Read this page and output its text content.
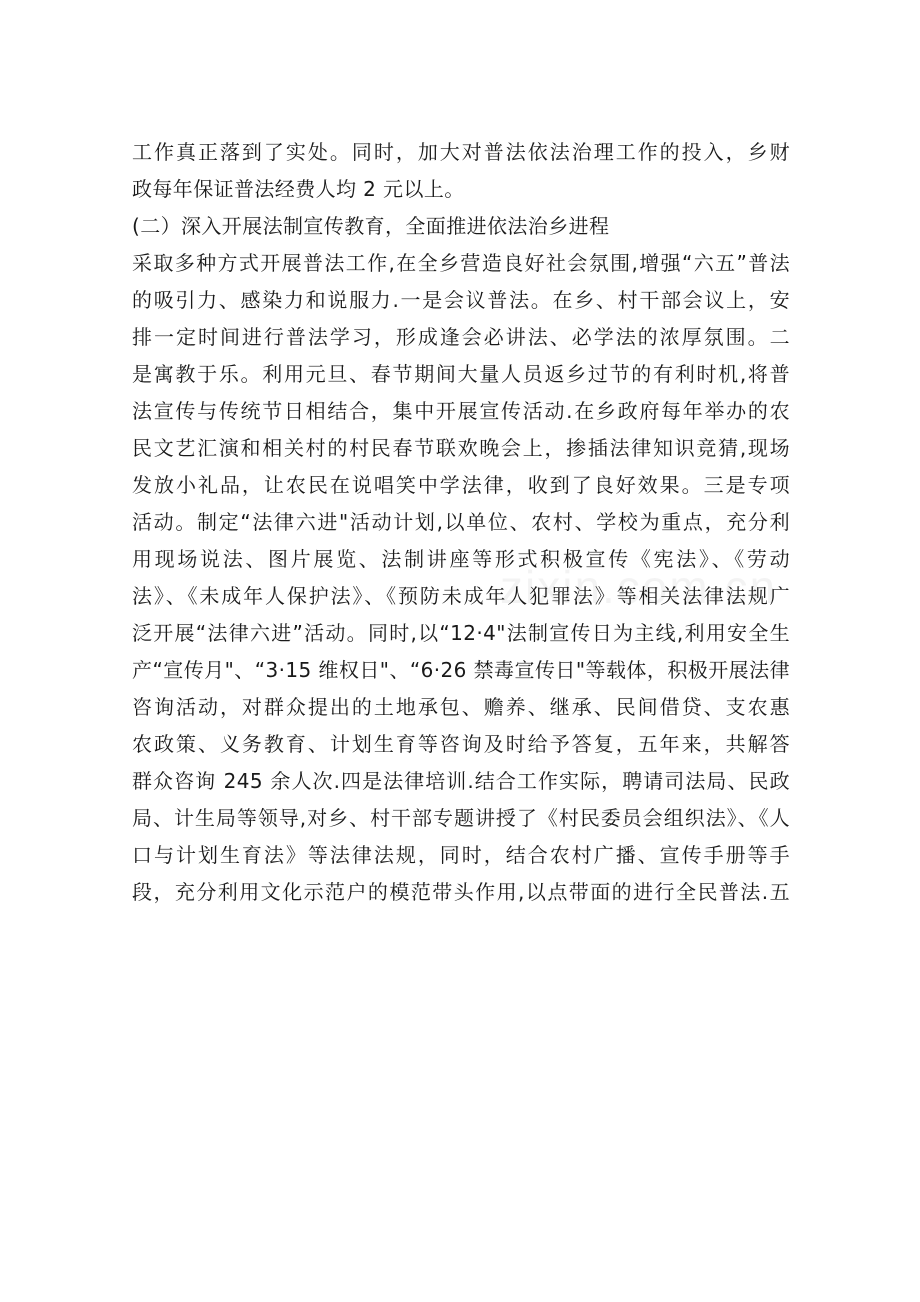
工作真正落到了实处。同时，加大对普法依法治理工作的投入，乡财
政每年保证普法经费人均 2 元以上。
(二）深入开展法制宣传教育，全面推进依法治乡进程
采取多种方式开展普法工作,在全乡营造良好社会氛围,增强“六五”普法
的吸引力、感染力和说服力.一是会议普法。在乡、村干部会议上，安
排一定时间进行普法学习，形成逢会必讲法、必学法的浓厚氛围。二
是寓教于乐。利用元旦、春节期间大量人员返乡过节的有利时机,将普
法宣传与传统节日相结合，集中开展宣传活动.在乡政府每年举办的农
民文艺汇演和相关村的村民春节联欢晚会上，掺插法律知识竞猜,现场
发放小礼品，让农民在说唱笑中学法律，收到了良好效果。三是专项
活动。制定“法律六进"活动计划,以单位、农村、学校为重点，充分利
用现场说法、图片展览、法制讲座等形式积极宣传《宪法》、《劳动
法》、《未成年人保护法》、《预防未成年人犯罪法》等相关法律法规广
泛开展“法律六进”活动。同时,以“12·4"法制宣传日为主线,利用安全生
产“宣传月"、“3·15 维权日"、“6·26 禁毒宣传日"等载体，积极开展法律
咨询活动，对群众提出的土地承包、赡养、继承、民间借贷、支农惠
农政策、义务教育、计划生育等咨询及时给予答复，五年来，共解答
群众咨询 245 余人次.四是法律培训.结合工作实际，聘请司法局、民政
局、计生局等领导,对乡、村干部专题讲授了《村民委员会组织法》、《人
口与计划生育法》等法律法规，同时，结合农村广播、宣传手册等手
段，充分利用文化示范户的模范带头作用,以点带面的进行全民普法.五
